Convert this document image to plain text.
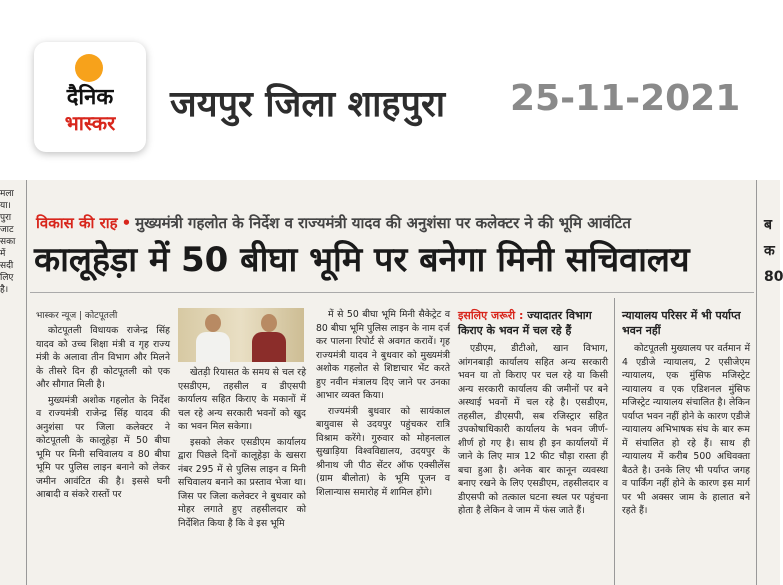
दैनिक
भास्कर	जयपुर जिला शाहपुरा 25-11-2021
मला
या।
पुरा
जाट
सका
में
सदी
लिए
है।
विकास की राह • मुख्यमंत्री गहलोत के निर्देश व राज्यमंत्री यादव की अनुशंसा पर कलेक्टर ने की भूमि आवंटित
कालूहेड़ा में 50 बीघा भूमि पर बनेगा मिनी सचिवालय
भास्कर न्यूज | कोटपूतली

कोटपूतली विधायक राजेन्द्र सिंह यादव को उच्च शिक्षा मंत्री व गृह राज्य मंत्री के अलावा तीन विभाग और मिलने के तीसरे दिन ही कोटपूतली को एक और सौगात मिली है।

मुख्यमंत्री अशोक गहलोत के निर्देश व राज्यमंत्री राजेन्द्र सिंह यादव की अनुशंसा पर जिला कलेक्टर ने कोटपूतली के कालूहेड़ा में 50 बीघा भूमि पर मिनी सचिवालय व 80 बीघा भूमि पर पुलिस लाइन बनाने को लेकर जमीन आवंटित की है। इससे घनी आबादी व संकरे रास्तों पर

खेतड़ी रियासत के समय से चल रहे एसडीएम, तहसील व डीएसपी कार्यालय सहित किराए के मकानों में चल रहे अन्य सरकारी भवनों को खुद का भवन मिल सकेगा।

इसको लेकर एसडीएम कार्यालय द्वारा पिछले दिनों कालूहेड़ा के खसरा नंबर 295 में से पुलिस लाइन व मिनी सचिवालय बनाने का प्रस्ताव भेजा था। जिस पर जिला कलेक्टर ने बुधवार को मोहर लगाते हुए तहसीलदार को निर्देशित किया है कि वे इस भूमि

में से 50 बीघा भूमि मिनी सैकेट्रेट व 80 बीघा भूमि पुलिस लाइन के नाम दर्ज कर पालना रिपोर्ट से अवगत करावें। गृह राज्यमंत्री यादव ने बुधवार को मुख्यमंत्री अशोक गहलोत से शिष्टाचार भेंट करते हुए नवीन मंत्रालय दिए जाने पर उनका आभार व्यक्त किया।

राज्यमंत्री बुधवार को सायंकाल बायुवास से उदयपुर पहुंचकर रात्रि विश्राम करेंगे। गुरुवार को मोहनलाल सुखाड़िया विश्वविद्यालय, उदयपुर के श्रीनाथ जी पीठ सेंटर ऑफ एक्सीलेंस (ग्राम बीलोता) के भूमि पूजन व शिलान्यास समारोह में शामिल होंगे।

इसलिए जरूरी : ज्यादातर विभाग किराए के भवन में चल रहे हैं

एडीएम, डीटीओ, खान विभाग, आंगनबाड़ी कार्यालय सहित अन्य सरकारी भवन या तो किराए पर चल रहे या किसी अन्य सरकारी कार्यालय की जमीनों पर बने अस्थाई भवनों में चल रहे है। एसडीएम, तहसील, डीएसपी, सब रजिस्ट्रार सहित उपकोषाधिकारी कार्यालय के भवन जीर्ण-शीर्ण हो गए है। साथ ही इन कार्यालयों में जाने के लिए मात्र 12 फीट चौड़ा रास्ता ही बचा हुआ है। अनेक बार कानून व्यवस्था बनाए रखने के लिए एसडीएम, तहसीलदार व डीएसपी को तत्काल घटना स्थल पर पहुंचना होता है लेकिन वे जाम में फंस जाते हैं।

न्यायालय परिसर में भी पर्याप्त भवन नहीं

कोटपूतली मुख्यालय पर वर्तमान में 4 एडीजे न्यायालय, 2 एसीजेएम न्यायालय, एक मुंसिफ मजिस्ट्रेट न्यायालय व एक एडिशनल मुंसिफ मजिस्ट्रेट न्यायालय संचालित है। लेकिन पर्याप्त भवन नहीं होने के कारण एडीजे न्यायालय अभिभाषक संघ के बार रूम में संचालित हो रहे हैं। साथ ही न्यायालय में करीब 500 अधिवक्ता बैठते है। उनके लिए भी पर्याप्त जगह व पार्किंग नहीं होने के कारण इस मार्ग पर भी अक्सर जाम के हालात बने रहते हैं।

ब
क
80
